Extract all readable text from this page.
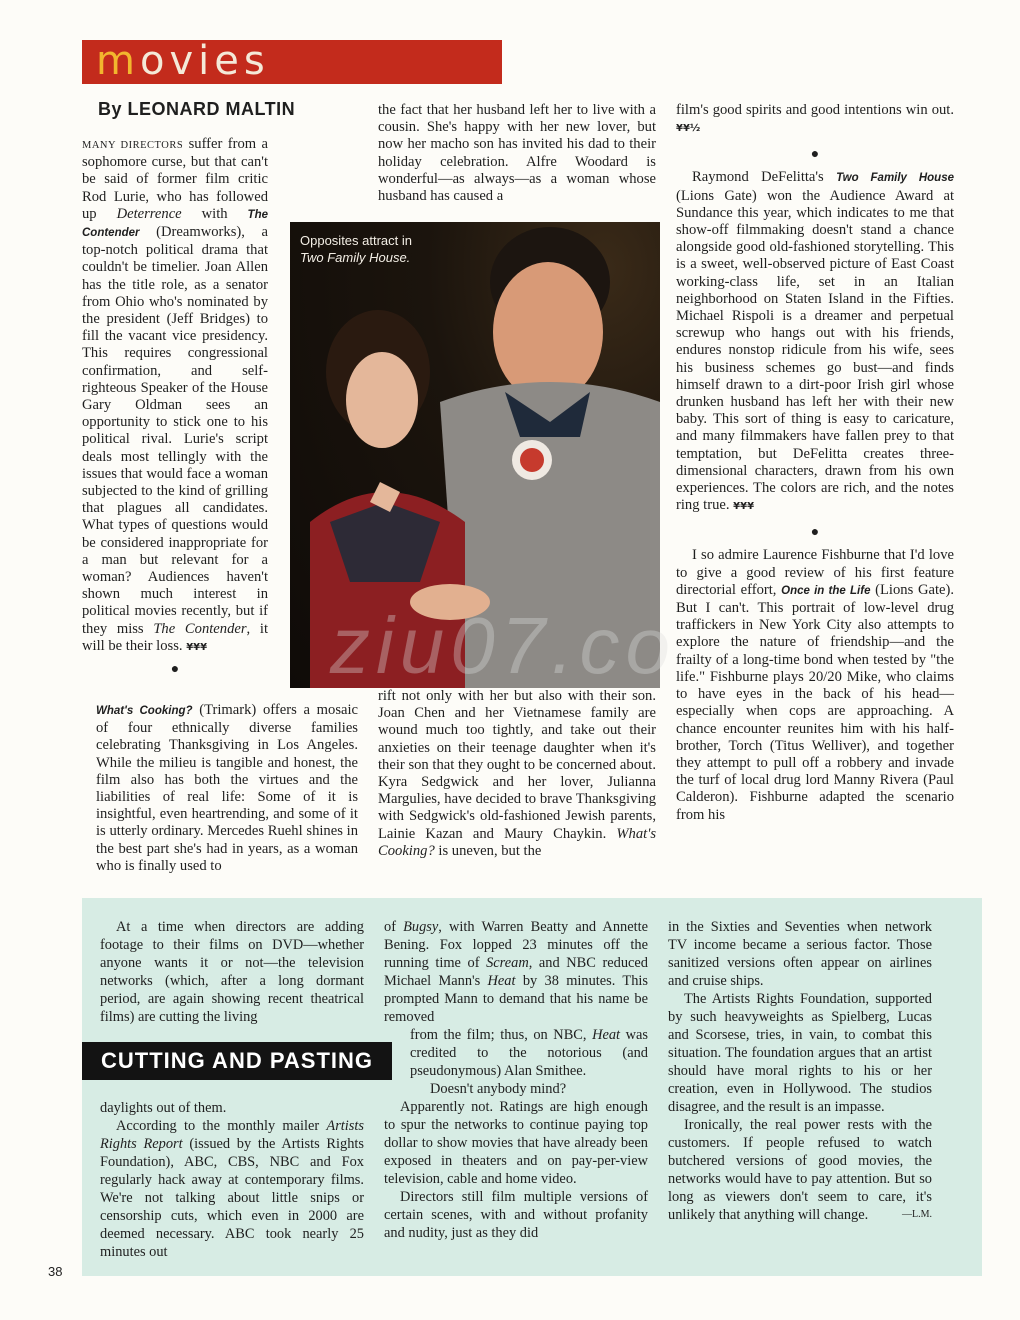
movies
By LEONARD MALTIN

MANY DIRECTORS suffer from a sophomore curse, but that can't be said of former film critic Rod Lurie, who has followed up Deterrence with The Contender (Dreamworks), a top-notch political drama that couldn't be timelier. Joan Allen has the title role, as a senator from Ohio who's nominated by the president (Jeff Bridges) to fill the vacant vice presidency. This requires congressional confirmation, and self-righteous Speaker of the House Gary Oldman sees an opportunity to stick one to his political rival. Lurie's script deals most tellingly with the issues that would face a woman subjected to the kind of grilling that plagues all candidates. What types of questions would be considered inappropriate for a man but relevant for a woman? Audiences haven't shown much interest in political movies recently, but if they miss The Contender, it will be their loss. ¥¥¥

●

What's Cooking? (Trimark) offers a mosaic of four ethnically diverse families celebrating Thanksgiving in Los Angeles. While the milieu is tangible and honest, the film also has both the virtues and the liabilities of real life: Some of it is insightful, even heartrending, and some of it is utterly ordinary. Mercedes Ruehl shines in the best part she's had in years, as a woman who is finally used to

the fact that her husband left her to live with a cousin. She's happy with her new lover, but now her macho son has invited his dad to their holiday celebration. Alfre Woodard is wonderful—as always—as a woman whose husband has caused a

Opposites attract in
Two Family House.

rift not only with her but also with their son. Joan Chen and her Vietnamese family are wound much too tightly, and take out their anxieties on their teenage daughter when it's their son that they ought to be concerned about. Kyra Sedgwick and her lover, Julianna Margulies, have decided to brave Thanksgiving with Sedgwick's old-fashioned Jewish parents, Lainie Kazan and Maury Chaykin. What's Cooking? is uneven, but the

film's good spirits and good intentions win out. ¥¥½

●

Raymond DeFelitta's Two Family House (Lions Gate) won the Audience Award at Sundance this year, which indicates to me that show-off filmmaking doesn't stand a chance alongside good old-fashioned storytelling. This is a sweet, well-observed picture of East Coast working-class life, set in an Italian neighborhood on Staten Island in the Fifties. Michael Rispoli is a dreamer and perpetual screwup who hangs out with his friends, endures nonstop ridicule from his wife, sees his business schemes go bust—and finds himself drawn to a dirt-poor Irish girl whose drunken husband has left her with their new baby. This sort of thing is easy to caricature, and many filmmakers have fallen prey to that temptation, but DeFelitta creates three-dimensional characters, drawn from his own experiences. The colors are rich, and the notes ring true. ¥¥¥

●

I so admire Laurence Fishburne that I'd love to give a good review of his first feature directorial effort, Once in the Life (Lions Gate). But I can't. This portrait of low-level drug traffickers in New York City also attempts to explore the nature of friendship—and the frailty of a long-time bond when tested by "the life." Fishburne plays 20/20 Mike, who claims to have eyes in the back of his head—especially when cops are approaching. A chance encounter reunites him with his half-brother, Torch (Titus Welliver), and together they attempt to pull off a robbery and invade the turf of local drug lord Manny Rivera (Paul Calderon). Fishburne adapted the scenario from his

ziu07.co

At a time when directors are adding footage to their films on DVD—whether anyone wants it or not—the television networks (which, after a long dormant period, are again showing recent theatrical films) are cutting the living

CUTTING AND PASTING

daylights out of them.

According to the monthly mailer Artists Rights Report (issued by the Artists Rights Foundation), ABC, CBS, NBC and Fox regularly hack away at contemporary films. We're not talking about little snips or censorship cuts, which even in 2000 are deemed necessary. ABC took nearly 25 minutes out

of Bugsy, with Warren Beatty and Annette Bening. Fox lopped 23 minutes off the running time of Scream, and NBC reduced Michael Mann's Heat by 38 minutes. This prompted Mann to demand that his name be removed

from the film; thus, on NBC, Heat was credited to the notorious (and pseudonymous) Alan Smithee.

Doesn't anybody mind?

Apparently not. Ratings are high enough to spur the networks to continue paying top dollar to show movies that have already been exposed in theaters and on pay-per-view television, cable and home video.

Directors still film multiple versions of certain scenes, with and without profanity and nudity, just as they did

in the Sixties and Seventies when network TV income became a serious factor. Those sanitized versions often appear on airlines and cruise ships.

The Artists Rights Foundation, supported by such heavyweights as Spielberg, Lucas and Scorsese, tries, in vain, to combat this situation. The foundation argues that an artist should have moral rights to his or her creation, even in Hollywood. The studios disagree, and the result is an impasse.

Ironically, the real power rests with the customers. If people refused to watch butchered versions of good movies, the networks would have to pay attention. But so long as viewers don't seem to care, it's unlikely that anything will change.	—L.M.

38
